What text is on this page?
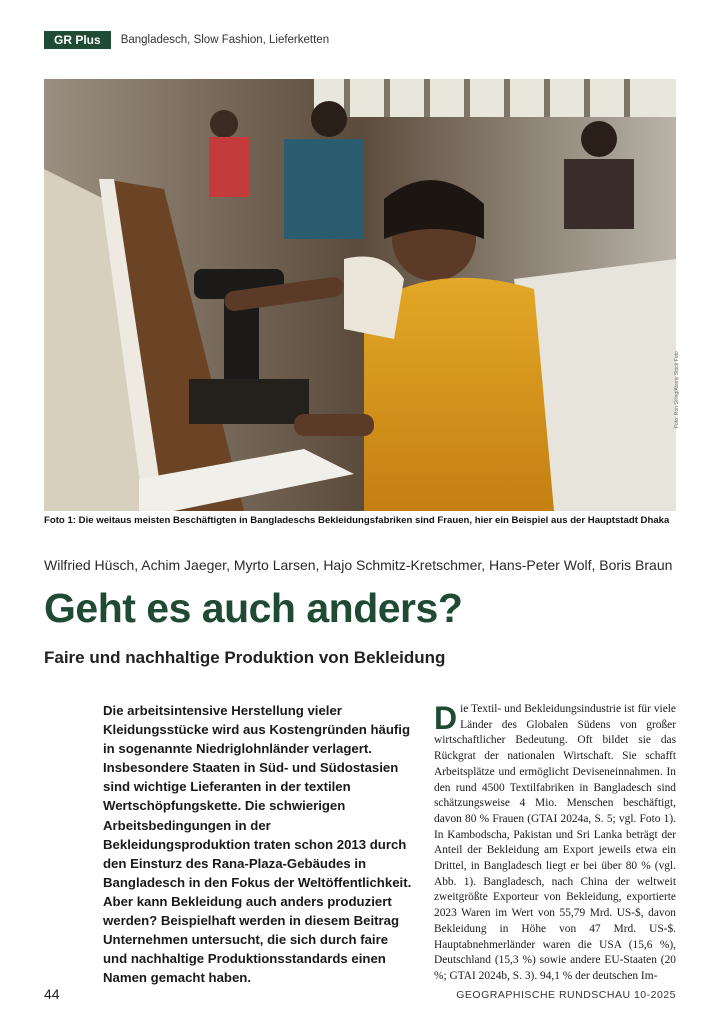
GR Plus	Bangladesch, Slow Fashion, Lieferketten
Foto: Ron Giling/Alamy Stock Foto
Foto 1: Die weitaus meisten Beschäftigten in Bangladeschs Bekleidungsfabriken sind Frauen, hier ein Beispiel aus der Hauptstadt Dhaka
Wilfried Hüsch, Achim Jaeger, Myrto Larsen, Hajo Schmitz-Kretschmer, Hans-Peter Wolf, Boris Braun
Geht es auch anders?
Faire und nachhaltige Produktion von Bekleidung
Die arbeitsintensive Herstellung vieler Kleidungsstücke wird aus Kostengründen häufig in sogenannte Niedriglohnländer verlagert. Insbesondere Staaten in Süd- und Südostasien sind wichtige Lieferanten in der textilen Wertschöpfungskette. Die schwierigen Arbeitsbedingungen in der Bekleidungsproduktion traten schon 2013 durch den Einsturz des Rana-Plaza-Gebäudes in Bangladesch in den Fokus der Weltöffentlichkeit. Aber kann Bekleidung auch anders produziert werden? Beispielhaft werden in diesem Beitrag Unternehmen untersucht, die sich durch faire und nachhaltige Produktionsstandards einen Namen gemacht haben.
D ie Textil- und Bekleidungsindustrie ist für viele Länder des Globalen Südens von großer wirtschaftlicher Bedeutung. Oft bildet sie das Rückgrat der nationalen Wirtschaft. Sie schafft Arbeitsplätze und ermöglicht Deviseneinnahmen. In den rund 4500 Textilfabriken in Bangladesch sind schätzungsweise 4 Mio. Menschen beschäftigt, davon 80 % Frauen (GTAI 2024a, S. 5; vgl. Foto 1). In Kambodscha, Pakistan und Sri Lanka beträgt der Anteil der Bekleidung am Export jeweils etwa ein Drittel, in Bangladesch liegt er bei über 80 % (vgl. Abb. 1). Bangladesch, nach China der weltweit zweitgrößte Exporteur von Bekleidung, exportierte 2023 Waren im Wert von 55,79 Mrd. US-$, davon Bekleidung in Höhe von 47 Mrd. US-$. Hauptabnehmerländer waren die USA (15,6 %), Deutschland (15,3 %) sowie andere EU-Staaten (20 %; GTAI 2024b, S. 3). 94,1 % der deutschen Im-
44	GEOGRAPHISCHE RUNDSCHAU 10-2025
